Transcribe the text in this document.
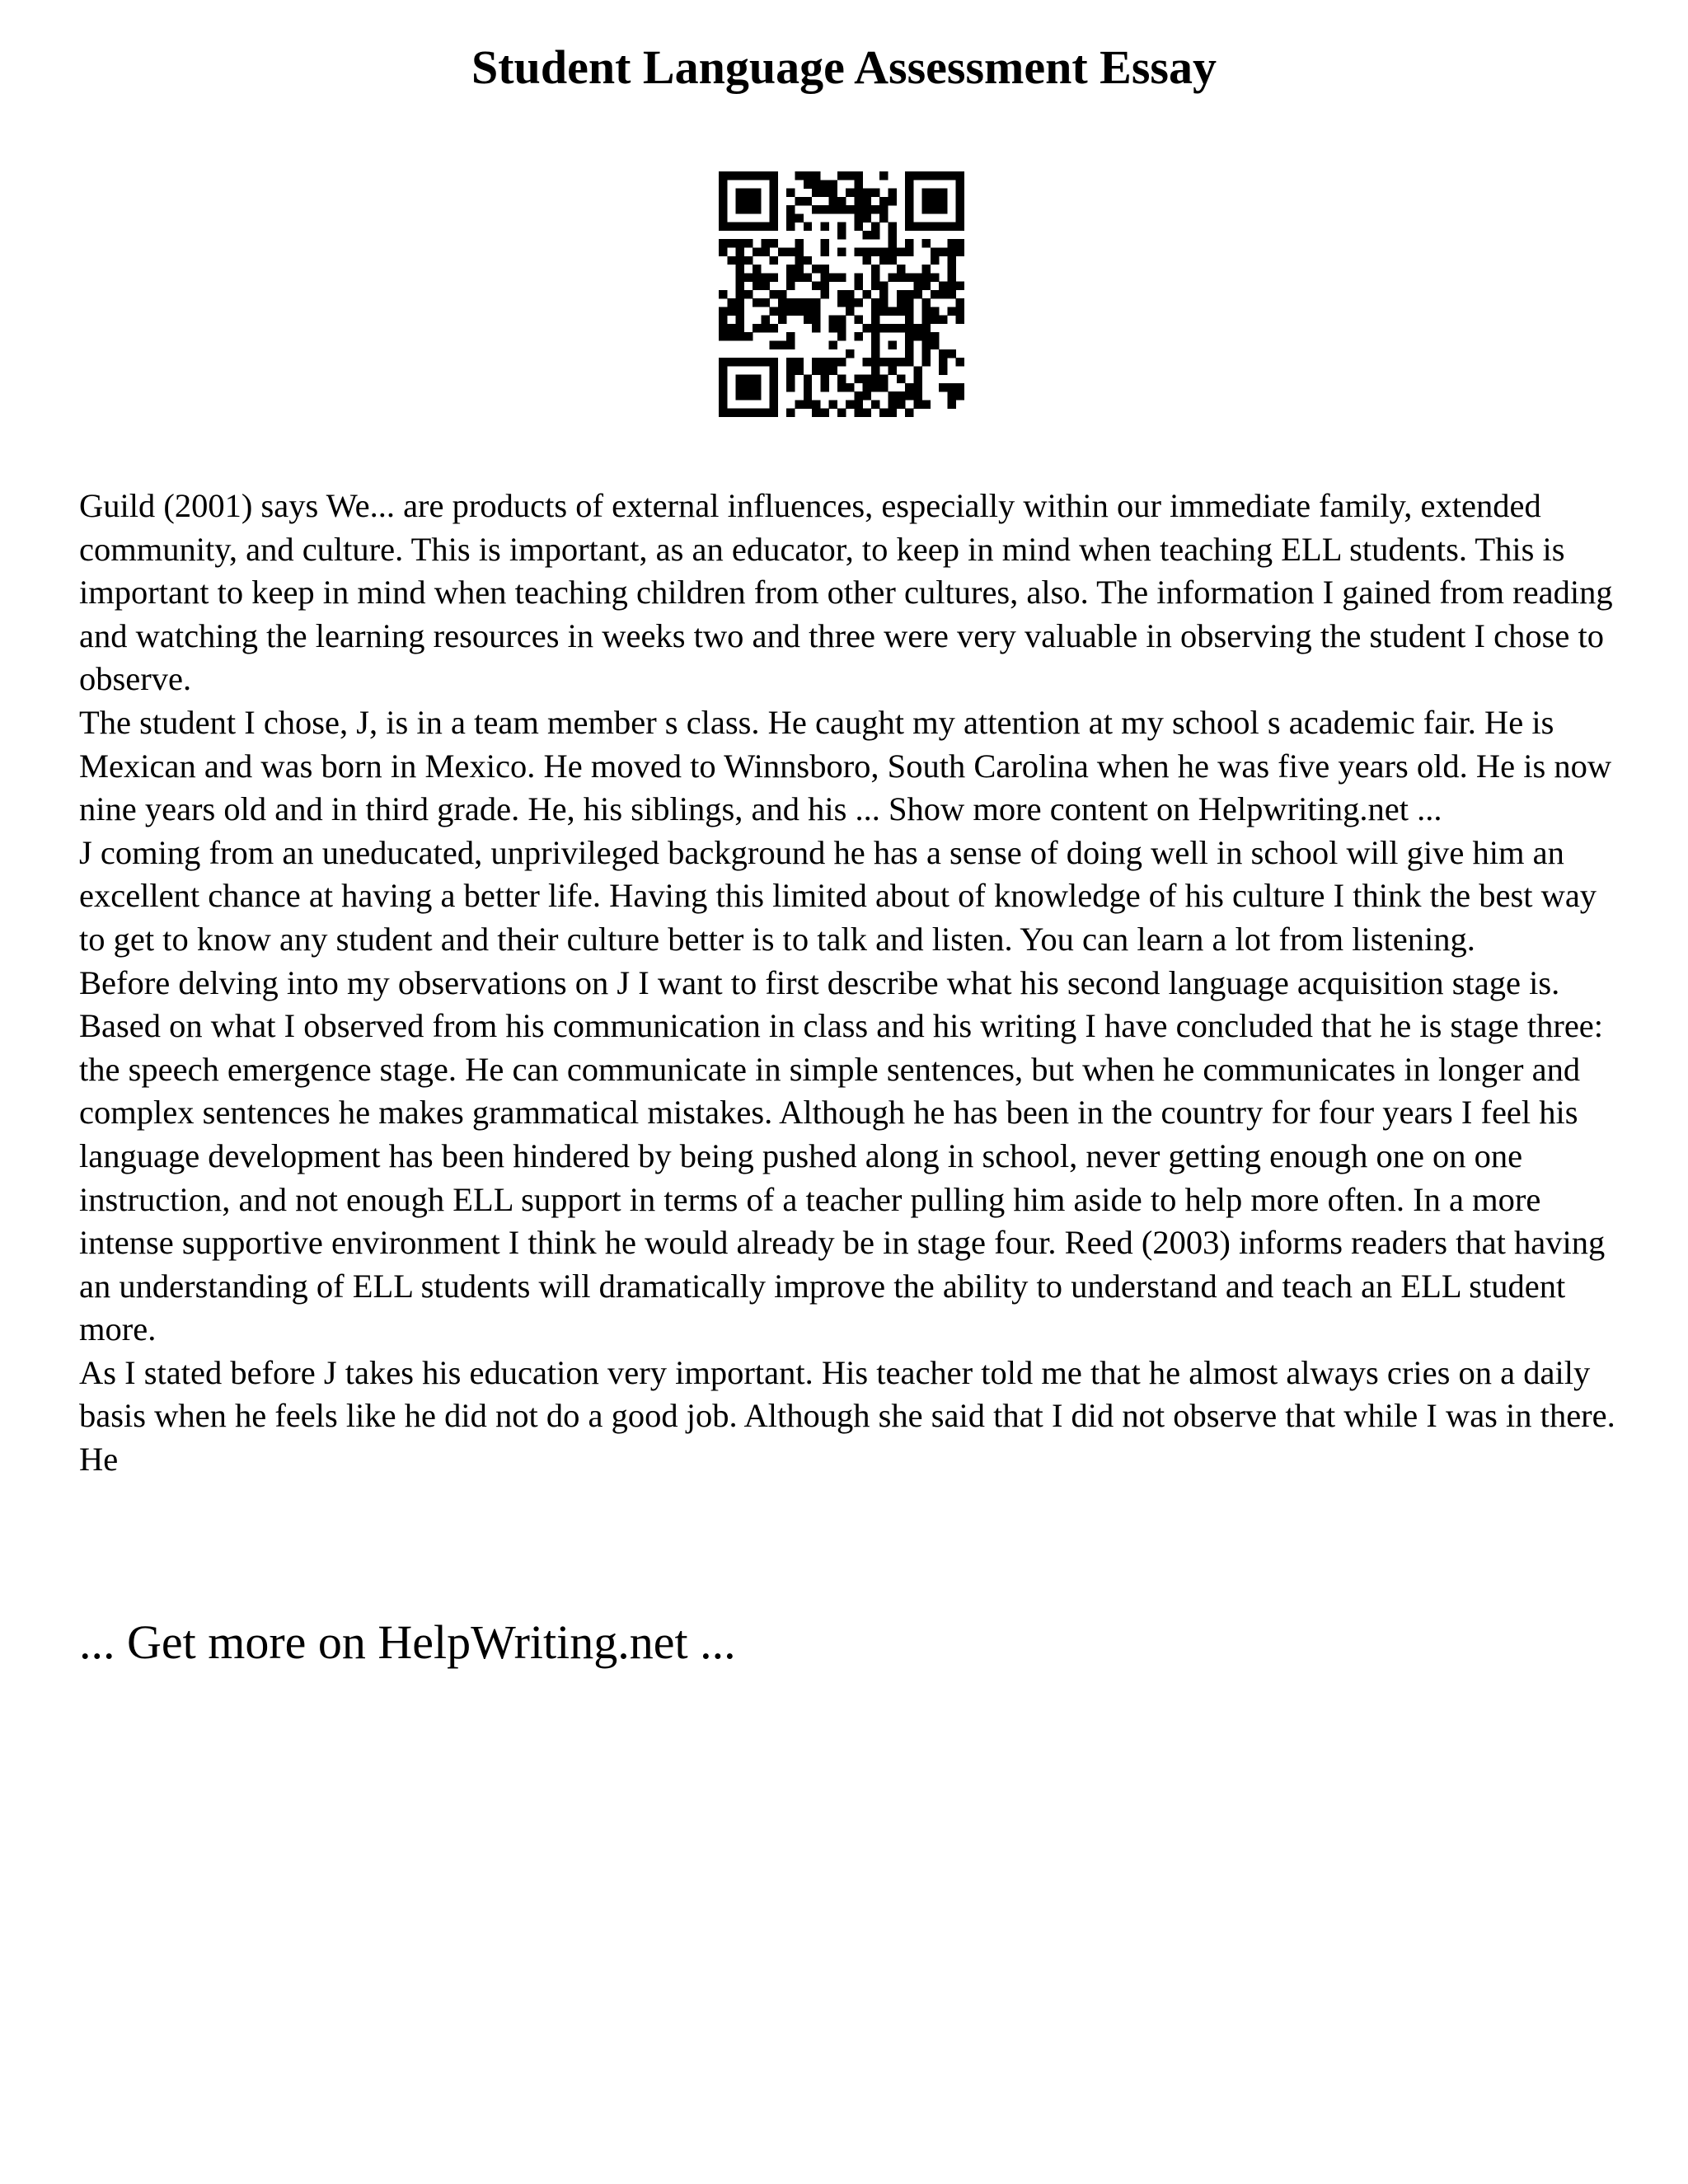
Student Language Assessment Essay

Guild (2001) says We... are products of external influences, especially within our immediate family, extended community, and culture. This is important, as an educator, to keep in mind when teaching ELL students. This is important to keep in mind when teaching children from other cultures, also. The information I gained from reading and watching the learning resources in weeks two and three were very valuable in observing the student I chose to observe.

The student I chose, J, is in a team member s class. He caught my attention at my school s academic fair. He is Mexican and was born in Mexico. He moved to Winnsboro, South Carolina when he was five years old. He is now nine years old and in third grade. He, his siblings, and his ... Show more content on Helpwriting.net ...

J coming from an uneducated, unprivileged background he has a sense of doing well in school will give him an excellent chance at having a better life. Having this limited about of knowledge of his culture I think the best way to get to know any student and their culture better is to talk and listen. You can learn a lot from listening.

Before delving into my observations on J I want to first describe what his second language acquisition stage is. Based on what I observed from his communication in class and his writing I have concluded that he is stage three: the speech emergence stage. He can communicate in simple sentences, but when he communicates in longer and complex sentences he makes grammatical mistakes. Although he has been in the country for four years I feel his language development has been hindered by being pushed along in school, never getting enough one on one instruction, and not enough ELL support in terms of a teacher pulling him aside to help more often. In a more intense supportive environment I think he would already be in stage four. Reed (2003) informs readers that having an understanding of ELL students will dramatically improve the ability to understand and teach an ELL student more.

As I stated before J takes his education very important. His teacher told me that he almost always cries on a daily basis when he feels like he did not do a good job. Although she said that I did not observe that while I was in there. He

... Get more on HelpWriting.net ...
